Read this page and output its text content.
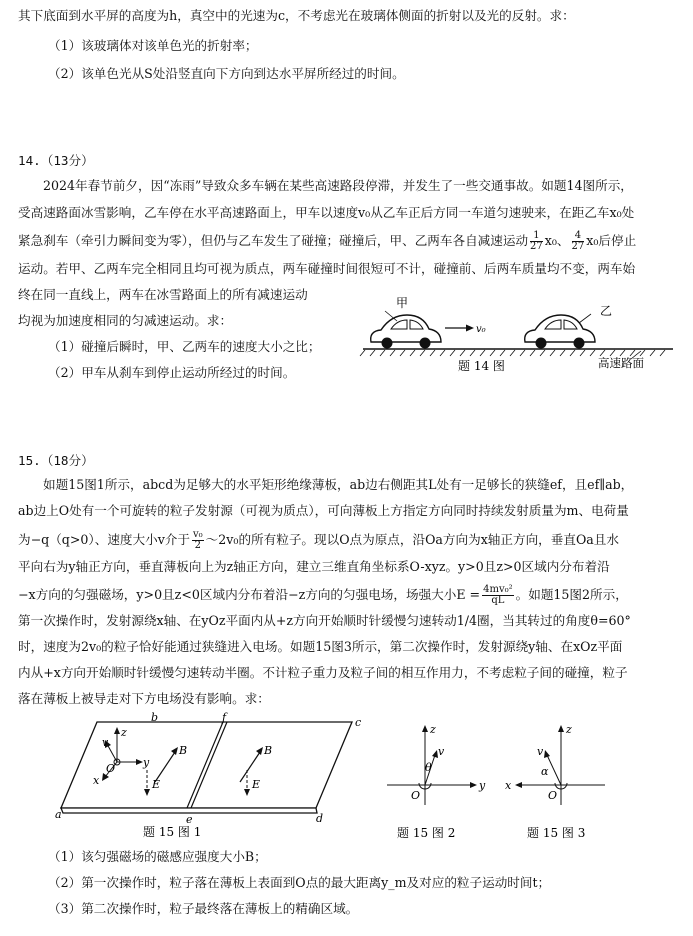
其下底面到水平屏的高度为h，真空中的光速为c，不考虑光在玻璃体侧面的折射以及光的反射。求：
（1）该玻璃体对该单色光的折射率；
（2）该单色光从S处沿竖直向下方向到达水平屏所经过的时间。
14.（13分）
2024年春节前夕，因“冻雨”导致众多车辆在某些高速路段停滞，并发生了一些交通事故。如题14图所示，
受高速路面冰雪影响，乙车停在水平高速路面上，甲车以速度v₀从乙车正后方同一车道匀速驶来，在距乙车x₀处
紧急刹车（牵引力瞬间变为零），但仍与乙车发生了碰撞；碰撞后，甲、乙两车各自减速运动 $\frac{1}{27} x_0$、 $\frac{4}{27} x_0$后停止
运动。若甲、乙两车完全相同且均可视为质点，两车碰撞时间很短可不计，碰撞前、后两车质量均不变，两车始
终在同一直线上，两车在冰雪路面上的所有减速运动
均视为加速度相同的匀减速运动。求：
（1）碰撞后瞬时，甲、乙两车的速度大小之比；
（2）甲车从刹车到停止运动所经过的时间。
甲
v₀
乙
高速路面
题 14 图
15.（18分）
如题15图1所示，abcd为足够大的水平矩形绝缘薄板，ab边右侧距其L处有一足够长的狭缝ef，且ef∥ab，
ab边上O处有一个可旋转的粒子发射源（可视为质点），可向薄板上方指定方向同时持续发射质量为m、电荷量
为−q（q>0）、速度大小v介于 $\frac{\text{v₀}}{2}$ ～2v₀的所有粒子。现以O点为原点，沿Oa方向为x轴正方向，垂直Oa且水
平向右为y轴正方向，垂直薄板向上为z轴正方向，建立三维直角坐标系O-xyz。y>0且z>0区域内分布着沿
−x方向的匀强磁场，y>0且z<0区域内分布着沿−z方向的匀强电场，场强大小$E = \frac{\text{4mv₀²}}{qL}$ 。如题15图2所示，
第一次操作时，发射源绕x轴、在yOz平面内从+z方向开始顺时针缓慢匀速转动1/4圈，当其转过的角度θ=60°
时，速度为2v₀的粒子恰好能通过狭缝进入电场。如题15图3所示，第二次操作时，发射源绕y轴、在xOz平面
内从+x方向开始顺时针缓慢匀速转动半圈。不计粒子重力及粒子间的相互作用力，不考虑粒子间的碰撞，粒子
落在薄板上被导走对下方电场没有影响。求：
a
b	c
d
e
f
z
y
x
v
O
B	B
E	E
题 15 图 1
z
y
v
θ
O
题 15 图 2
z
x
v
α
O
题 15 图 3
（1）该匀强磁场的磁感应强度大小B；
（2）第一次操作时，粒子落在薄板上表面到O点的最大距离y_m及对应的粒子运动时间t；
（3）第二次操作时，粒子最终落在薄板上的精确区域。
